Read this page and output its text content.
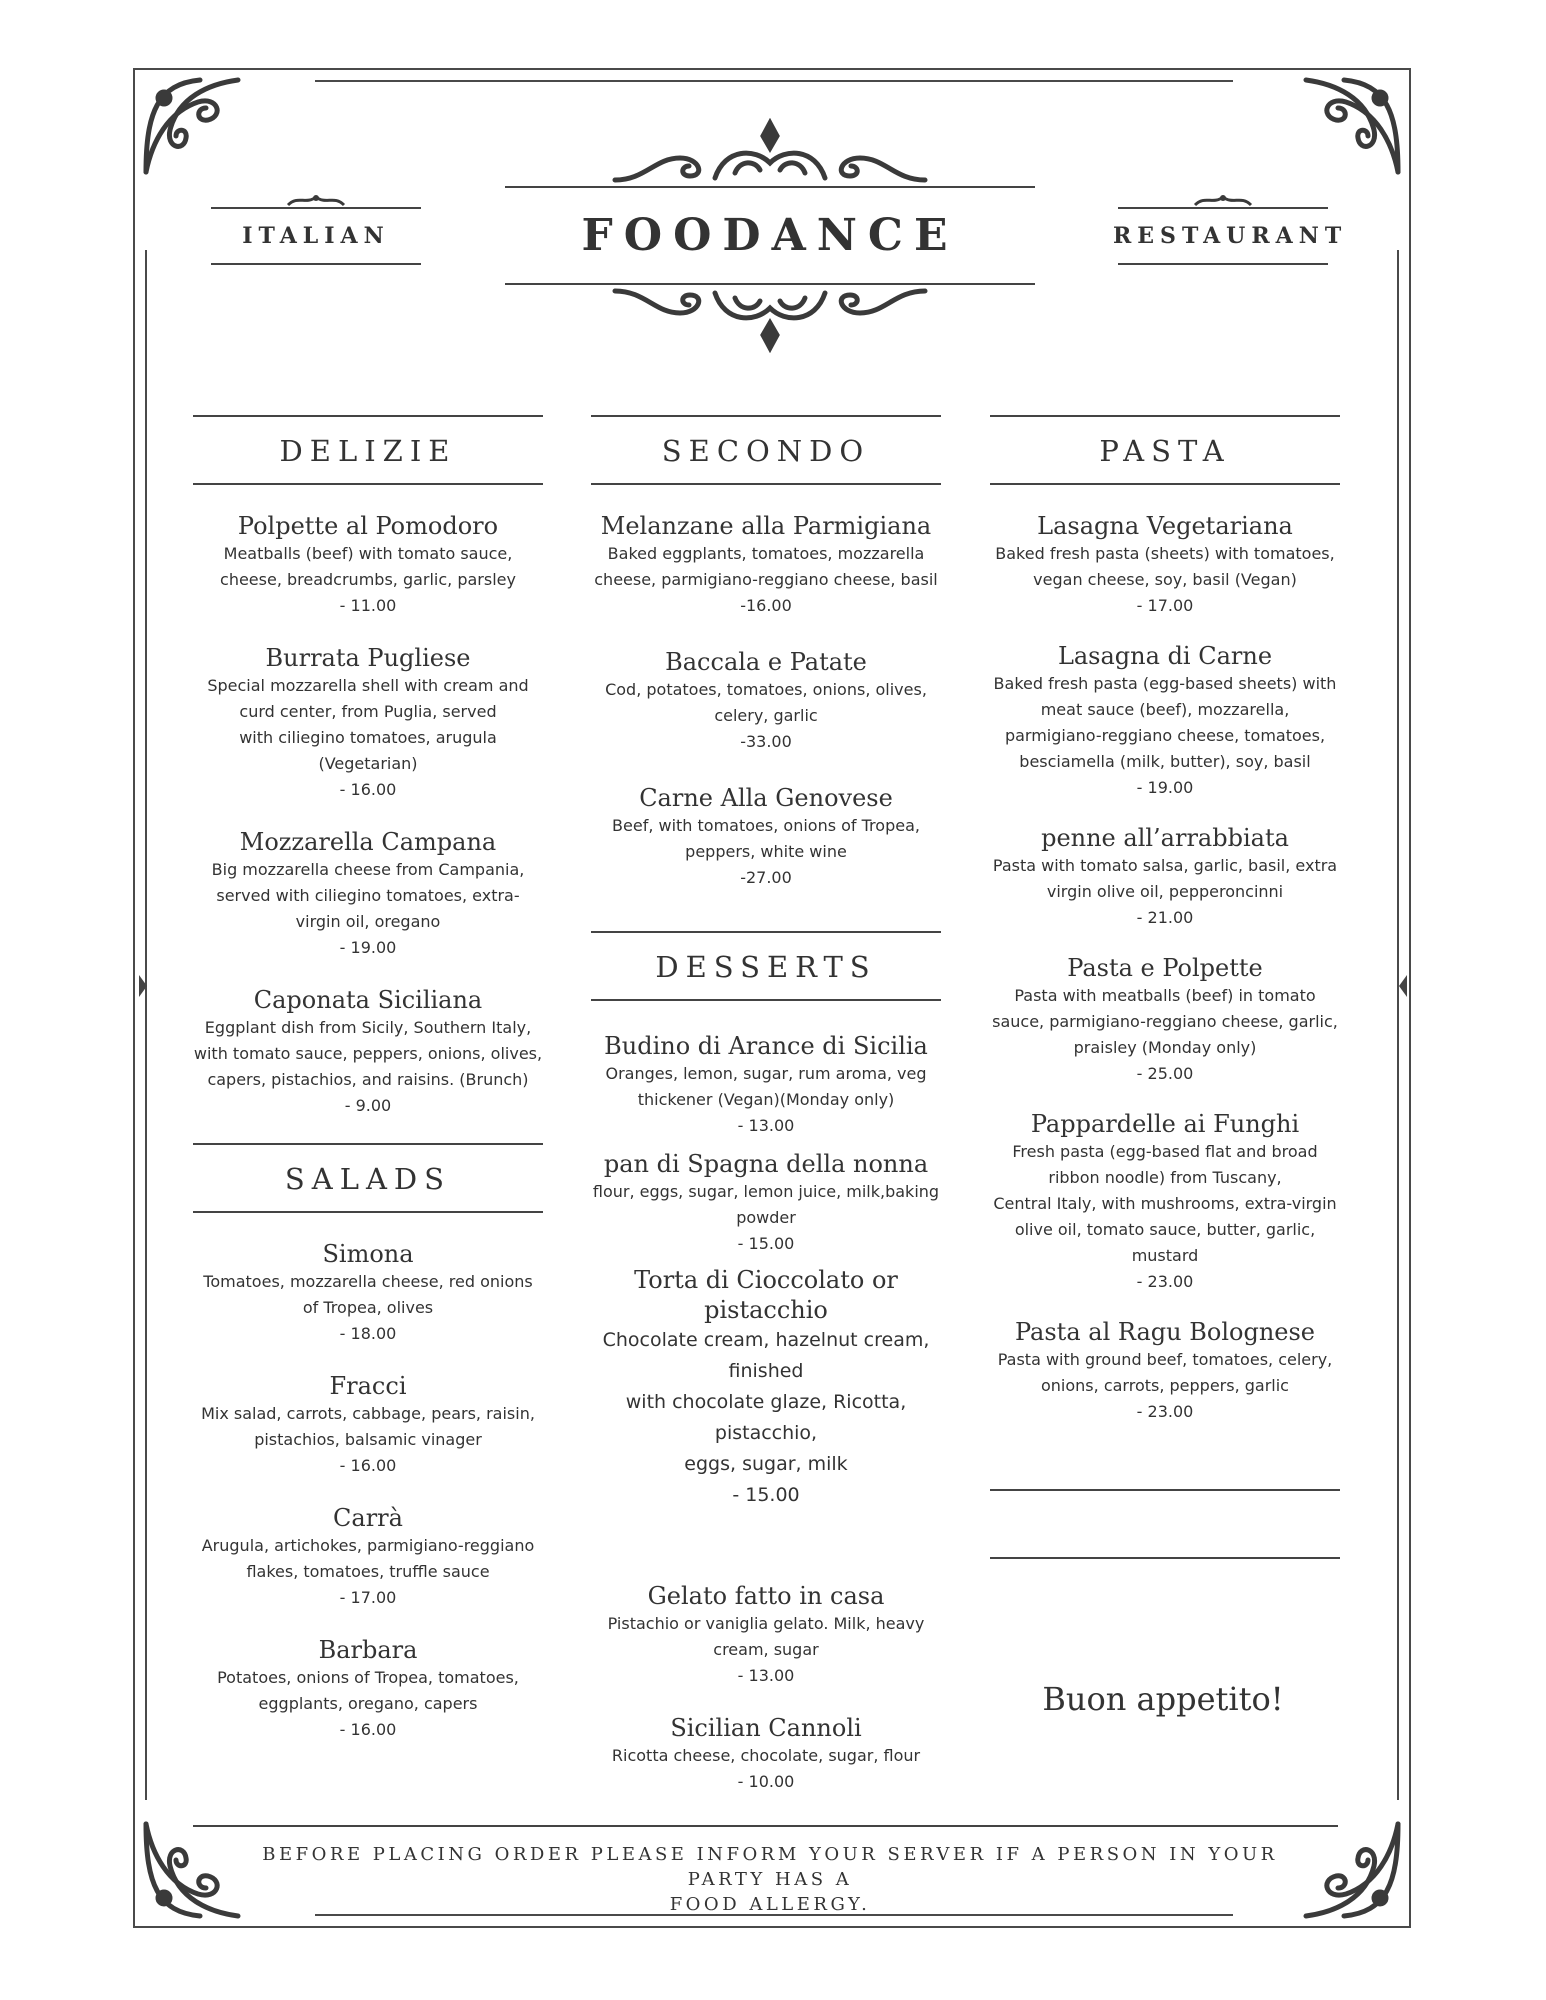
ITALIAN	FOODANCE	RESTAURANT
DELIZIE
Polpette al Pomodoro
Meatballs (beef) with tomato sauce,
cheese, breadcrumbs, garlic, parsley
- 11.00
Burrata Pugliese
Special mozzarella shell with cream and
curd center, from Puglia, served
with ciliegino tomatoes, arugula
(Vegetarian)
- 16.00
Mozzarella Campana
Big mozzarella cheese from Campania,
served with ciliegino tomatoes, extra-
virgin oil, oregano
- 19.00
Caponata Siciliana
Eggplant dish from Sicily, Southern Italy,
with tomato sauce, peppers, onions, olives,
capers, pistachios, and raisins. (Brunch)
- 9.00
SALADS
Simona
Tomatoes, mozzarella cheese, red onions
of Tropea, olives
- 18.00
Fracci
Mix salad, carrots, cabbage, pears, raisin,
pistachios, balsamic vinager
- 16.00
Carrà
Arugula, artichokes, parmigiano-reggiano
flakes, tomatoes, truffle sauce
- 17.00
Barbara
Potatoes, onions of Tropea, tomatoes,
eggplants, oregano, capers
- 16.00
SECONDO
Melanzane alla Parmigiana
Baked eggplants, tomatoes, mozzarella
cheese, parmigiano-reggiano cheese, basil
-16.00
Baccala e Patate
Cod, potatoes, tomatoes, onions, olives,
celery, garlic
-33.00
Carne Alla Genovese
Beef, with tomatoes, onions of Tropea,
peppers, white wine
-27.00
DESSERTS
Budino di Arance di Sicilia
Oranges, lemon, sugar, rum aroma, veg
thickener (Vegan)(Monday only)
- 13.00
pan di Spagna della nonna
flour, eggs, sugar, lemon juice, milk,baking
powder
- 15.00
Torta di Cioccolato or
pistacchio
Chocolate cream, hazelnut cream, finished
with chocolate glaze, Ricotta, pistacchio,
eggs, sugar, milk
- 15.00
Gelato fatto in casa
Pistachio or vaniglia gelato. Milk, heavy
cream, sugar
- 13.00
Sicilian Cannoli
Ricotta cheese, chocolate, sugar, flour
- 10.00
PASTA
Lasagna Vegetariana
Baked fresh pasta (sheets) with tomatoes,
vegan cheese, soy, basil (Vegan)
- 17.00
Lasagna di Carne
Baked fresh pasta (egg-based sheets) with
meat sauce (beef), mozzarella,
parmigiano-reggiano cheese, tomatoes,
besciamella (milk, butter), soy, basil
- 19.00
penne all’arrabbiata
Pasta with tomato salsa, garlic, basil, extra
virgin olive oil, pepperoncinni
- 21.00
Pasta e Polpette
Pasta with meatballs (beef) in tomato
sauce, parmigiano-reggiano cheese, garlic,
praisley (Monday only)
- 25.00
Pappardelle ai Funghi
Fresh pasta (egg-based flat and broad
ribbon noodle) from Tuscany,
Central Italy, with mushrooms, extra-virgin
olive oil, tomato sauce, butter, garlic,
mustard
- 23.00
Pasta al Ragu Bolognese
Pasta with ground beef, tomatoes, celery,
onions, carrots, peppers, garlic
- 23.00
Buon appetito!
BEFORE PLACING ORDER PLEASE INFORM YOUR SERVER IF A PERSON IN YOUR PARTY HAS A
FOOD ALLERGY.
